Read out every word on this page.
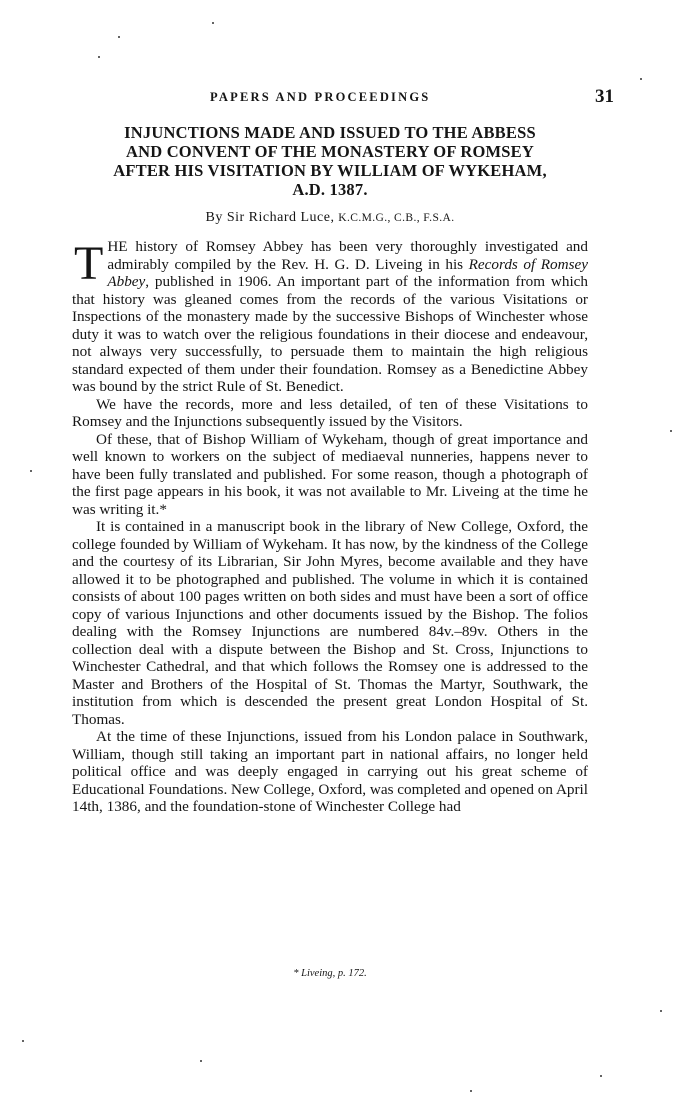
PAPERS AND PROCEEDINGS	31
INJUNCTIONS MADE AND ISSUED TO THE ABBESS
AND CONVENT OF THE MONASTERY OF ROMSEY
AFTER HIS VISITATION BY WILLIAM OF WYKEHAM,
A.D. 1387.
By Sir Richard Luce, K.C.M.G., C.B., F.S.A.

THE history of Romsey Abbey has been very thoroughly investigated and admirably compiled by the Rev. H. G. D. Liveing in his Records of Romsey Abbey, published in 1906. An important part of the information from which that history was gleaned comes from the records of the various Visitations or Inspections of the monastery made by the successive Bishops of Winchester whose duty it was to watch over the religious foundations in their diocese and endeavour, not always very successfully, to persuade them to maintain the high religious standard expected of them under their foundation. Romsey as a Benedictine Abbey was bound by the strict Rule of St. Benedict.

We have the records, more and less detailed, of ten of these Visitations to Romsey and the Injunctions subsequently issued by the Visitors.

Of these, that of Bishop William of Wykeham, though of great importance and well known to workers on the subject of mediaeval nunneries, happens never to have been fully translated and published. For some reason, though a photograph of the first page appears in his book, it was not available to Mr. Liveing at the time he was writing it.*

It is contained in a manuscript book in the library of New College, Oxford, the college founded by William of Wykeham. It has now, by the kindness of the College and the courtesy of its Librarian, Sir John Myres, become available and they have allowed it to be photographed and published. The volume in which it is contained consists of about 100 pages written on both sides and must have been a sort of office copy of various Injunctions and other documents issued by the Bishop. The folios dealing with the Romsey Injunctions are numbered 84v.–89v. Others in the collection deal with a dispute between the Bishop and St. Cross, Injunctions to Winchester Cathedral, and that which follows the Romsey one is addressed to the Master and Brothers of the Hospital of St. Thomas the Martyr, Southwark, the institution from which is descended the present great London Hospital of St. Thomas.

At the time of these Injunctions, issued from his London palace in Southwark, William, though still taking an important part in national affairs, no longer held political office and was deeply engaged in carrying out his great scheme of Educational Foundations. New College, Oxford, was completed and opened on April 14th, 1386, and the foundation-stone of Winchester College had

* Liveing, p. 172.
